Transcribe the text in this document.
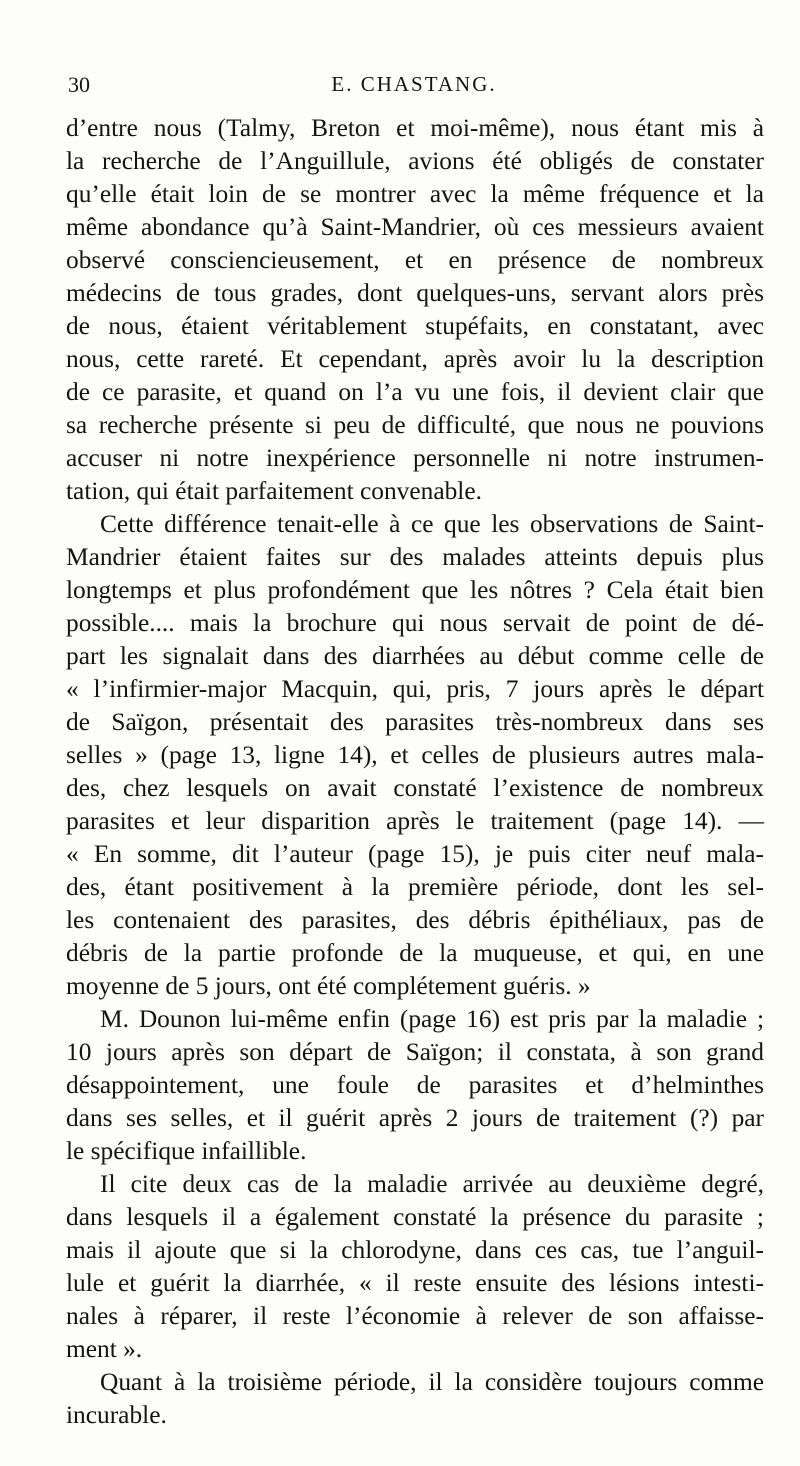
30	E. CHASTANG.
d’entre nous (Talmy, Breton et moi-même), nous étant mis à
la recherche de l’Anguillule, avions été obligés de constater
qu’elle était loin de se montrer avec la même fréquence et la
même abondance qu’à Saint-Mandrier, où ces messieurs avaient
observé consciencieusement, et en présence de nombreux
médecins de tous grades, dont quelques-uns, servant alors près
de nous, étaient véritablement stupéfaits, en constatant, avec
nous, cette rareté. Et cependant, après avoir lu la description
de ce parasite, et quand on l’a vu une fois, il devient clair que
sa recherche présente si peu de difficulté, que nous ne pouvions
accuser ni notre inexpérience personnelle ni notre instrumen-
tation, qui était parfaitement convenable.
Cette différence tenait-elle à ce que les observations de Saint-
Mandrier étaient faites sur des malades atteints depuis plus
longtemps et plus profondément que les nôtres ? Cela était bien
possible.... mais la brochure qui nous servait de point de dé-
part les signalait dans des diarrhées au début comme celle de
« l’infirmier-major Macquin, qui, pris, 7 jours après le départ
de Saïgon, présentait des parasites très-nombreux dans ses
selles » (page 13, ligne 14), et celles de plusieurs autres mala-
des, chez lesquels on avait constaté l’existence de nombreux
parasites et leur disparition après le traitement (page 14). —
« En somme, dit l’auteur (page 15), je puis citer neuf mala-
des, étant positivement à la première période, dont les sel-
les contenaient des parasites, des débris épithéliaux, pas de
débris de la partie profonde de la muqueuse, et qui, en une
moyenne de 5 jours, ont été complétement guéris. »
M. Dounon lui-même enfin (page 16) est pris par la maladie ;
10 jours après son départ de Saïgon; il constata, à son grand
désappointement, une foule de parasites et d’helminthes
dans ses selles, et il guérit après 2 jours de traitement (?) par
le spécifique infaillible.
Il cite deux cas de la maladie arrivée au deuxième degré,
dans lesquels il a également constaté la présence du parasite ;
mais il ajoute que si la chlorodyne, dans ces cas, tue l’anguil-
lule et guérit la diarrhée, « il reste ensuite des lésions intesti-
nales à réparer, il reste l’économie à relever de son affaisse-
ment ».
Quant à la troisième période, il la considère toujours comme
incurable.
